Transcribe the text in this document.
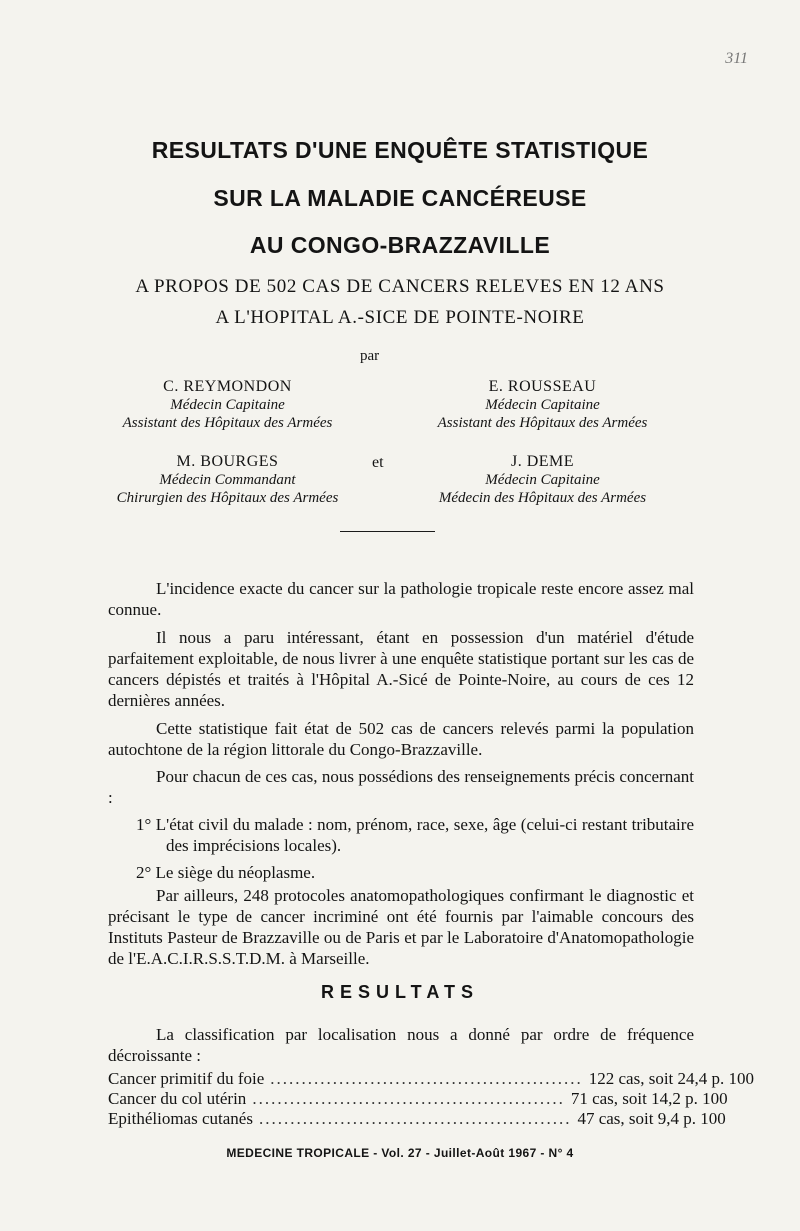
311
RESULTATS D'UNE ENQUÊTE STATISTIQUE
SUR LA MALADIE CANCÉREUSE
AU CONGO-BRAZZAVILLE
A PROPOS DE 502 CAS DE CANCERS RELEVES EN 12 ANS
A L'HOPITAL A.-SICE DE POINTE-NOIRE
par
C. REYMONDON
Médecin Capitaine
Assistant des Hôpitaux des Armées
E. ROUSSEAU
Médecin Capitaine
Assistant des Hôpitaux des Armées
et
M. BOURGES
Médecin Commandant
Chirurgien des Hôpitaux des Armées
J. DEME
Médecin Capitaine
Médecin des Hôpitaux des Armées
L'incidence exacte du cancer sur la pathologie tropicale reste encore assez mal connue.
Il nous a paru intéressant, étant en possession d'un matériel d'étude parfaitement exploitable, de nous livrer à une enquête statistique portant sur les cas de cancers dépistés et traités à l'Hôpital A.-Sicé de Pointe-Noire, au cours de ces 12 dernières années.
Cette statistique fait état de 502 cas de cancers relevés parmi la population autochtone de la région littorale du Congo-Brazzaville.
Pour chacun de ces cas, nous possédions des renseignements précis concernant :
1° L'état civil du malade : nom, prénom, race, sexe, âge (celui-ci restant tributaire des imprécisions locales).
2° Le siège du néoplasme.
Par ailleurs, 248 protocoles anatomopathologiques confirmant le diagnostic et précisant le type de cancer incriminé ont été fournis par l'aimable concours des Instituts Pasteur de Brazzaville ou de Paris et par le Laboratoire d'Anatomopathologie de l'E.A.C.I.R.S.S.T.D.M. à Marseille.
RESULTATS
La classification par localisation nous a donné par ordre de fréquence décroissante :
Cancer primitif du foie .................................................. 122 cas, soit 24,4 p. 100
Cancer du col utérin .................................................. 71 cas, soit 14,2 p. 100
Epithéliomas cutanés .................................................. 47 cas, soit 9,4 p. 100
MEDECINE TROPICALE - Vol. 27 - Juillet-Août 1967 - N° 4
